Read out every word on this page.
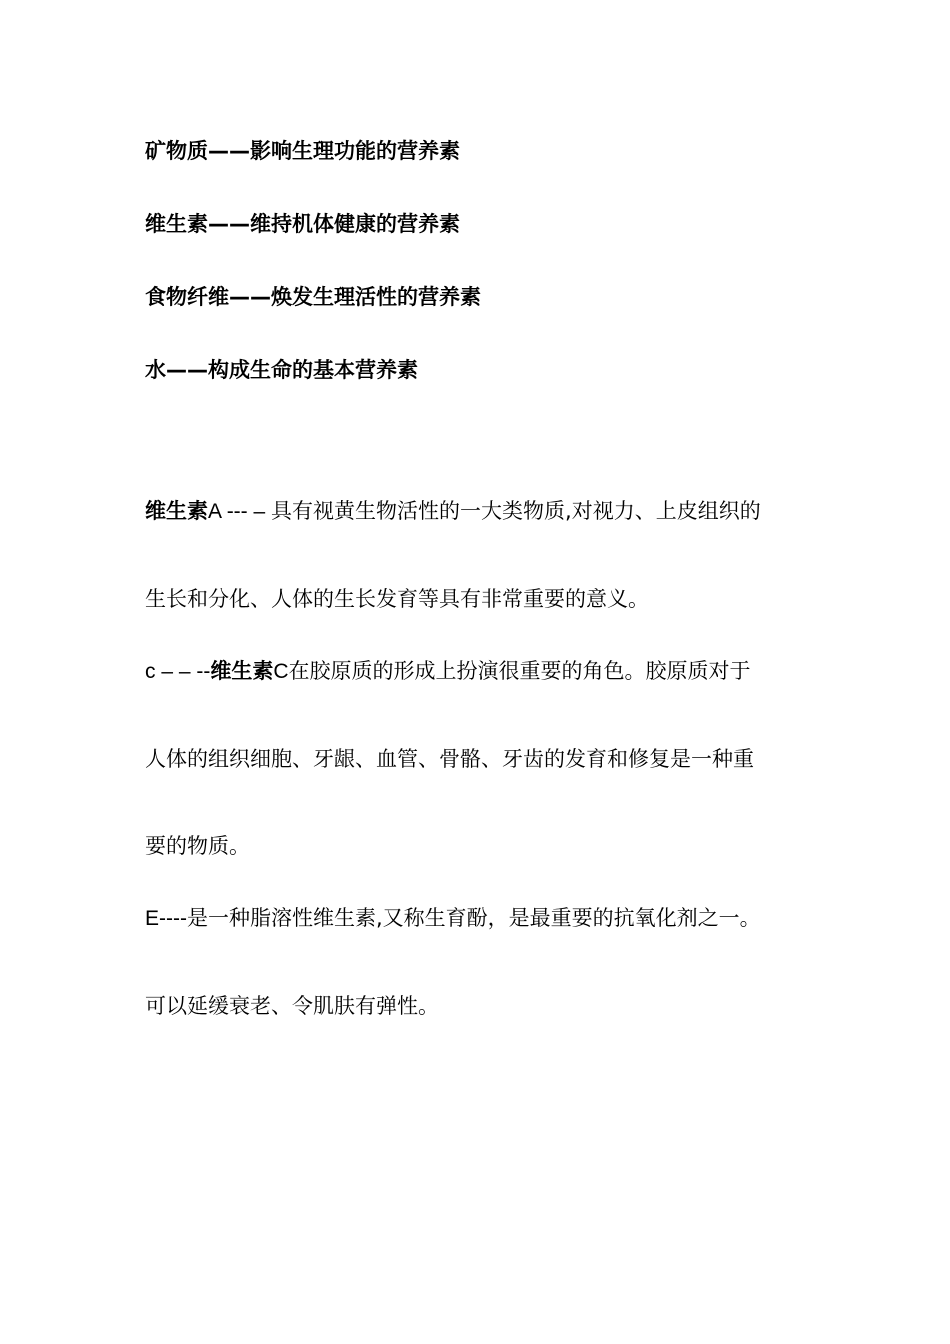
矿物质——影响生理功能的营养素
维生素——维持机体健康的营养素
食物纤维——焕发生理活性的营养素
水——构成生命的基本营养素
维生素A --- – 具有视黄生物活性的一大类物质,对视力、上皮组织的
生长和分化、人体的生长发育等具有非常重要的意义。
c – – --维生素C在胶原质的形成上扮演很重要的角色。胶原质对于
人体的组织细胞、牙龈、血管、骨骼、牙齿的发育和修复是一种重
要的物质。
E----是一种脂溶性维生素,又称生育酚，是最重要的抗氧化剂之一。
可以延缓衰老、令肌肤有弹性。
